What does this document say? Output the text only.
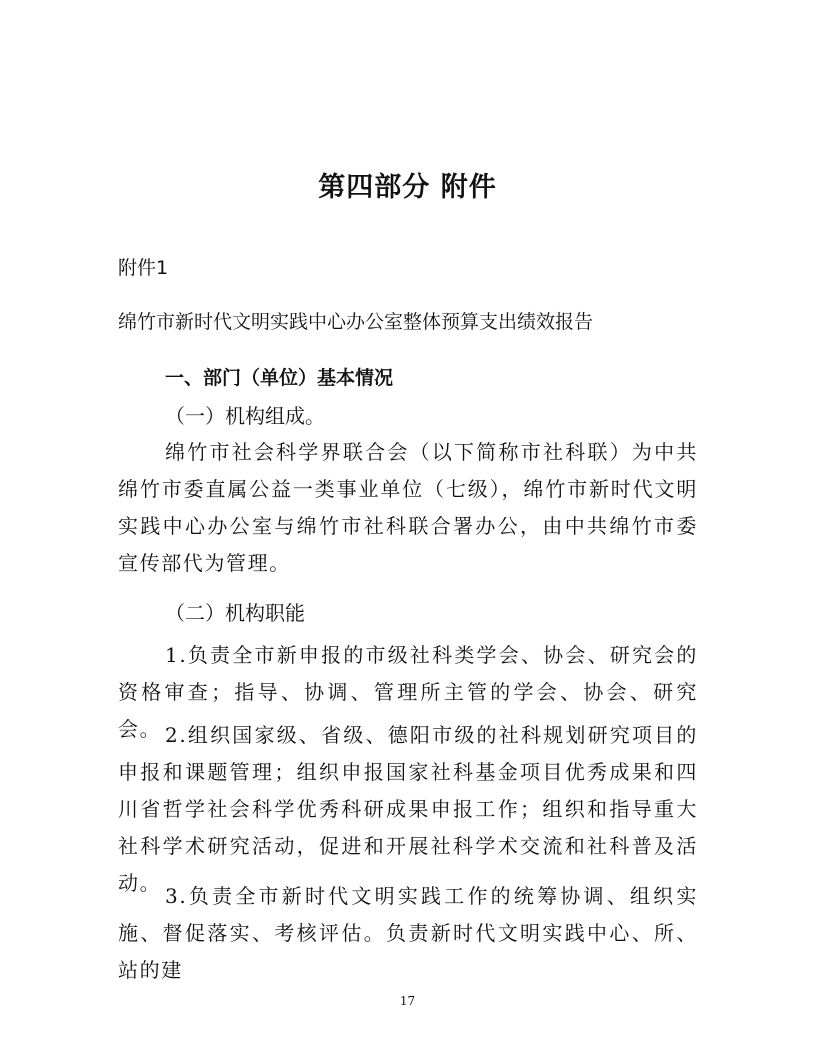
第四部分 附件
附件1
绵竹市新时代文明实践中心办公室整体预算支出绩效报告
一、部门（单位）基本情况
（一）机构组成。
绵竹市社会科学界联合会（以下简称市社科联）为中共绵竹市委直属公益一类事业单位（七级），绵竹市新时代文明实践中心办公室与绵竹市社科联合署办公，由中共绵竹市委宣传部代为管理。
（二）机构职能
1.负责全市新申报的市级社科类学会、协会、研究会的资格审查；指导、协调、管理所主管的学会、协会、研究会。 2.组织国家级、省级、德阳市级的社科规划研究项目的申报和课题管理；组织申报国家社科基金项目优秀成果和四川省哲学社会科学优秀科研成果申报工作；组织和指导重大社科学术研究活动，促进和开展社科学术交流和社科普及活动。
3.负责全市新时代文明实践工作的统筹协调、组织实施、督促落实、考核评估。负责新时代文明实践中心、所、站的建
17
